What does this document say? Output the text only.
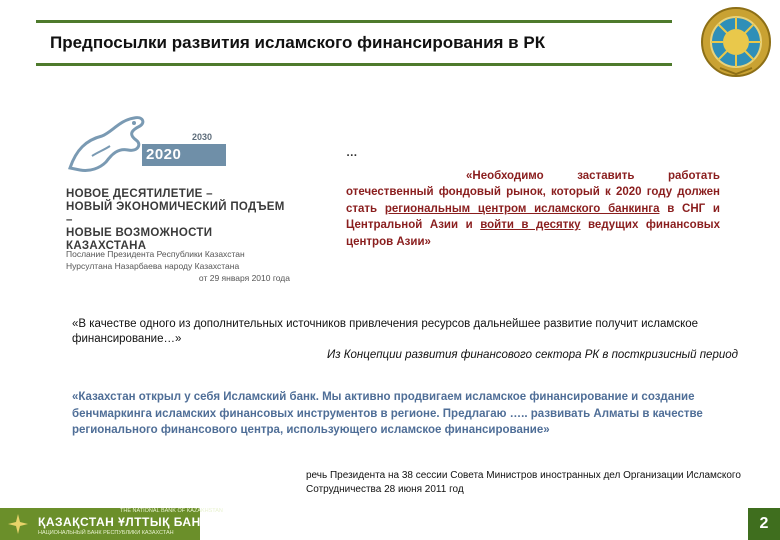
Предпосылки развития исламского финансирования в РК
2030
2020
2010
НОВОЕ ДЕСЯТИЛЕТИЕ –
НОВЫЙ ЭКОНОМИЧЕСКИЙ ПОДЪЕМ –
НОВЫЕ ВОЗМОЖНОСТИ КАЗАХСТАНА
Послание Президента Республики Казахстан
Нурсултана Назарбаева народу Казахстана
от 29 января 2010 года
…
«Необходимо заставить работать отечественный фондовый рынок, который к 2020 году должен стать региональным центром исламского банкинга в СНГ и Центральной Азии и войти в десятку ведущих финансовых центров Азии»
«В качестве одного из дополнительных источников привлечения ресурсов дальнейшее развитие получит исламское финансирование…»
Из Концепции развития финансового сектора РК в посткризисный период
«Казахстан открыл у себя Исламский банк. Мы активно продвигаем исламское финансирование и создание бенчмаркинга исламских финансовых инструментов в регионе. Предлагаю ….. развивать Алматы в качестве регионального финансового центра, использующего исламское финансирование»
речь Президента на 38 сессии Совета Министров иностранных дел Организации Исламского Сотрудничества 28 июня 2011 год
THE NATIONAL BANK OF KAZAKHSTAN
ҚАЗАҚСТАН ҰЛТТЫҚ БАНКІ
НАЦИОНАЛЬНЫЙ БАНК РЕСПУБЛИКИ КАЗАХСТАН
2
